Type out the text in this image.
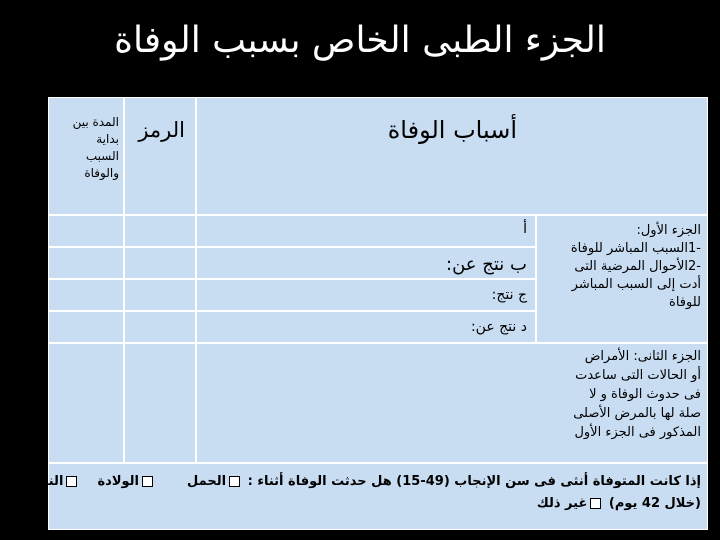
الجزء الطبى الخاص بسبب الوفاة
المدة بين
بداية
السبب
والوفاة
الرمز	أسباب الوفاة
أ
ب نتج عن:
ج نتج:
د نتج عن:
الجزء الأول:
-1السبب المباشر للوفاة
-2الأحوال المرضية التى
أدت إلى السبب المباشر
للوفاة
الجزء الثانى: الأمراض
أو الحالات التى ساعدت
فى حدوث الوفاة و لا
صلة لها بالمرض الأصلى
المذكور فى الجزء الأول
إذا كانت المتوفاة أنثى فى سن الإنجاب (49-15) هل حدثت الوفاة أثناء : الحمل  الولادة  النفاس
(خلال 42 يوم) غير ذلك
